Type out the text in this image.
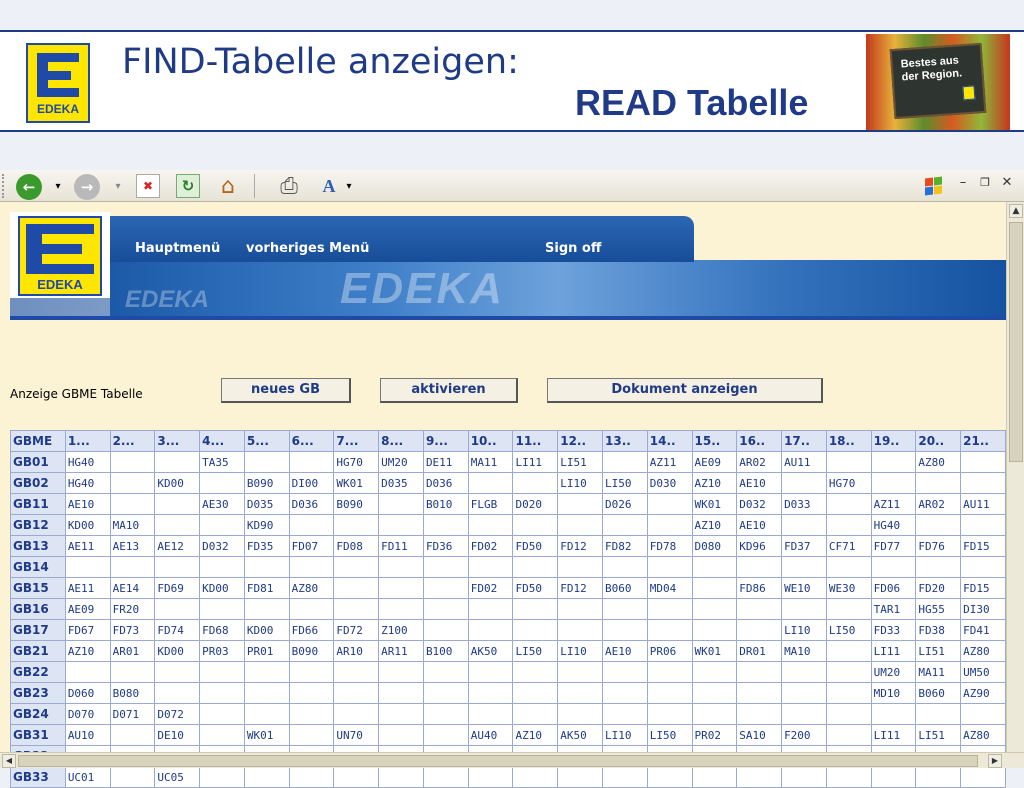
EDEKA
FIND-Tabelle anzeigen:
READ Tabelle
Bestes aus der Region.
←	▾	→	▾	✖	↻	⌂	⎙	A	▾	–	❐ ✕
EDEKA
EDEKA
Hauptmenü vorheriges Menü	Sign off
EDEKA
Anzeige GBME Tabelle	neues GB	aktivieren	Dokument anzeigen
GBME	1...	2...	3...	4...	5...	6...	7...	8...	9...	10..	11..	12..	13..	14..	15..	16..	17..	18..	19..	20..	21..
GB01	HG40			TA35			HG70	UM20	DE11	MA11	LI11	LI51		AZ11	AE09	AR02	AU11			AZ80	
GB02	HG40		KD00		B090	DI00	WK01	D035	D036			LI10	LI50	D030	AZ10	AE10		HG70			
GB11	AE10			AE30	D035	D036	B090		B010	FLGB	D020		D026		WK01	D032	D033		AZ11	AR02	AU11
GB12	KD00	MA10			KD90										AZ10	AE10			HG40		
GB13	AE11	AE13	AE12	D032	FD35	FD07	FD08	FD11	FD36	FD02	FD50	FD12	FD82	FD78	D080	KD96	FD37	CF71	FD77	FD76	FD15
GB14																					
GB15	AE11	AE14	FD69	KD00	FD81	AZ80				FD02	FD50	FD12	B060	MD04		FD86	WE10	WE30	FD06	FD20	FD15
GB16	AE09	FR20																	TAR1	HG55	DI30
GB17	FD67	FD73	FD74	FD68	KD00	FD66	FD72	Z100									LI10	LI50	FD33	FD38	FD41
GB21	AZ10	AR01	KD00	PR03	PR01	B090	AR10	AR11	B100	AK50	LI50	LI10	AE10	PR06	WK01	DR01	MA10		LI11	LI51	AZ80
GB22																			UM20	MA11	UM50
GB23	D060	B080																	MD10	B060	AZ90
GB24	D070	D071	D072																		
GB31	AU10		DE10		WK01		UN70			AU40	AZ10	AK50	LI10	LI50	PR02	SA10	F200		LI11	LI51	AZ80

GB33	UC01		UC05																		
▲
◀	▶
